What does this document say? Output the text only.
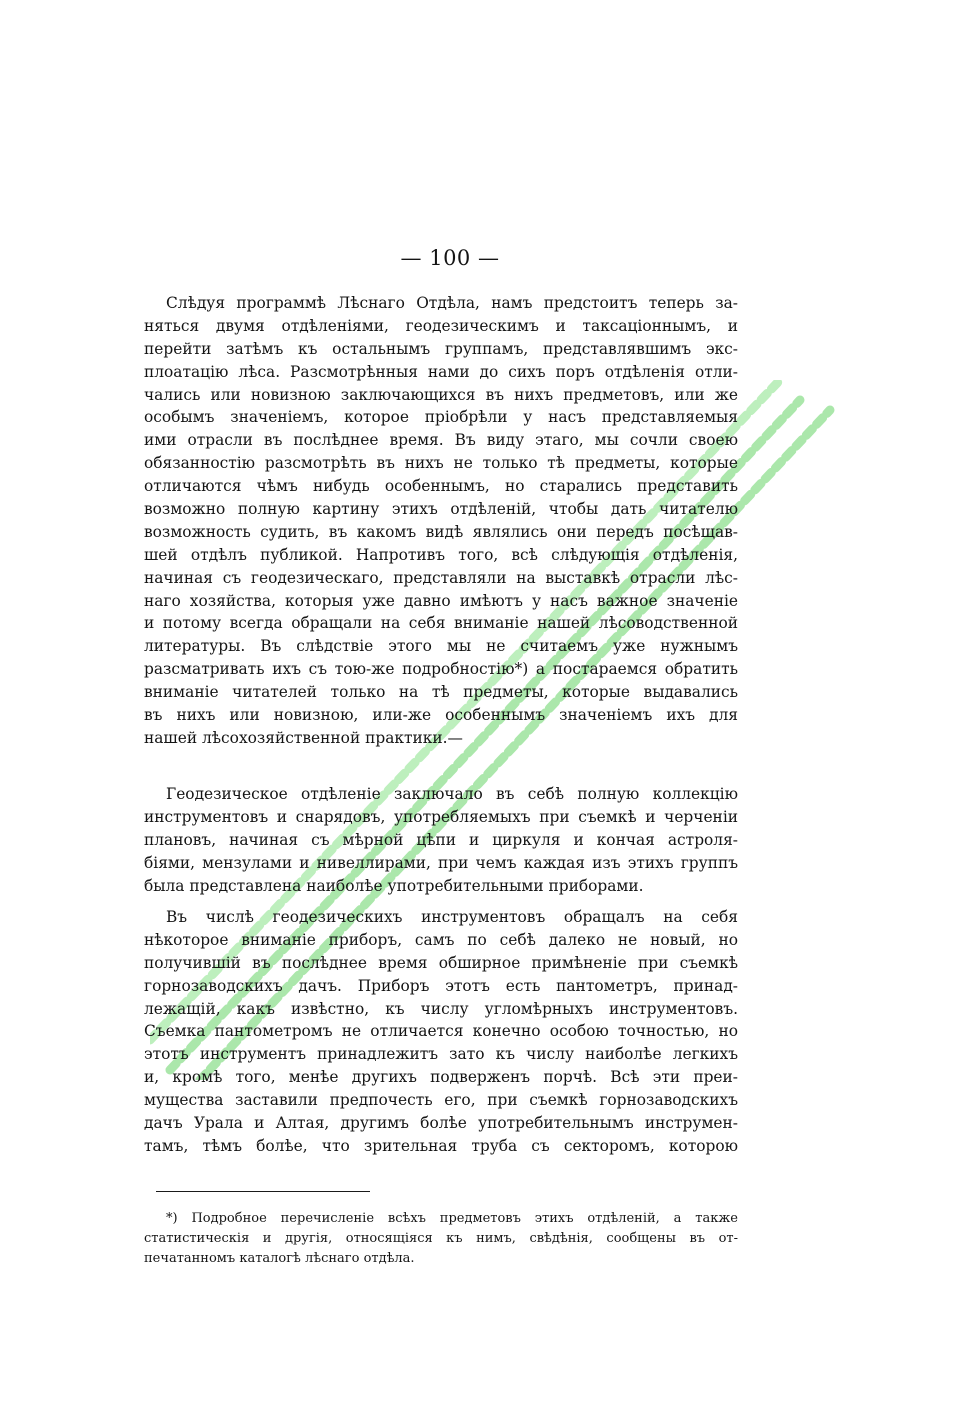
— 100 —
Слѣдуя программѣ Лѣснаго Отдѣла, намъ предстоитъ теперь за-
няться двумя отдѣленіями, геодезическимъ и таксаціоннымъ, и
перейти затѣмъ къ остальнымъ группамъ, представлявшимъ экс-
плоатацію лѣса. Разсмотрѣнныя нами до сихъ поръ отдѣленія отли-
чались или новизною заключающихся въ нихъ предметовъ, или же
особымъ значеніемъ, которое пріобрѣли у насъ представляемыя
ими отрасли въ послѣднее время. Въ виду этаго, мы сочли своею
обязанностію разсмотрѣть въ нихъ не только тѣ предметы, которые
отличаются чѣмъ нибудь особеннымъ, но старались представить
возможно полную картину этихъ отдѣленій, чтобы дать читателю
возможность судить, въ какомъ видѣ являлись они передъ посѣщав-
шей отдѣлъ публикой. Напротивъ того, всѣ слѣдующія отдѣленія,
начиная съ геодезическаго, представляли на выставкѣ отрасли лѣс-
наго хозяйства, которыя уже давно имѣютъ у насъ важное значеніе
и потому всегда обращали на себя вниманіе нашей лѣсоводственной
литературы. Въ слѣдствіе этого мы не считаемъ уже нужнымъ
разсматривать ихъ съ тою-же подробностію*) а постараемся обратить
вниманіе читателей только на тѣ предметы, которые выдавались
въ нихъ или новизною, или-же особеннымъ значеніемъ ихъ для
нашей лѣсохозяйственной практики.—
Геодезическое отдѣленіе заключало въ себѣ полную коллекцію
инструментовъ и снарядовъ, употребляемыхъ при съемкѣ и черченіи
плановъ, начиная съ мѣрной цѣпи и циркуля и кончая астроля-
біями, мензулами и нивеллирами, при чемъ каждая изъ этихъ группъ
была представлена наиболѣе употребительными приборами.
Въ числѣ геодезическихъ инструментовъ обращалъ на себя
нѣкоторое вниманіе приборъ, самъ по себѣ далеко не новый, но
получившій въ послѣднее время обширное примѣненіе при съемкѣ
горнозаводскихъ дачъ. Приборъ этотъ есть пантометръ, принад-
лежащій, какъ извѣстно, къ числу угломѣрныхъ инструментовъ.
Съемка пантометромъ не отличается конечно особою точностью, но
этотъ инструментъ принадлежитъ зато къ числу наиболѣе легкихъ
и, кромѣ того, менѣе другихъ подверженъ порчѣ. Всѣ эти преи-
мущества заставили предпочесть его, при съемкѣ горнозаводскихъ
дачъ Урала и Алтая, другимъ болѣе употребительнымъ инструмен-
тамъ, тѣмъ болѣе, что зрительная труба съ секторомъ, которою
*) Подробное перечисленіе всѣхъ предметовъ этихъ отдѣленій, а также
статистическія и другія, относящіяся къ нимъ, свѣдѣнія, сообщены въ от-
печатанномъ каталогѣ лѣснаго отдѣла.
